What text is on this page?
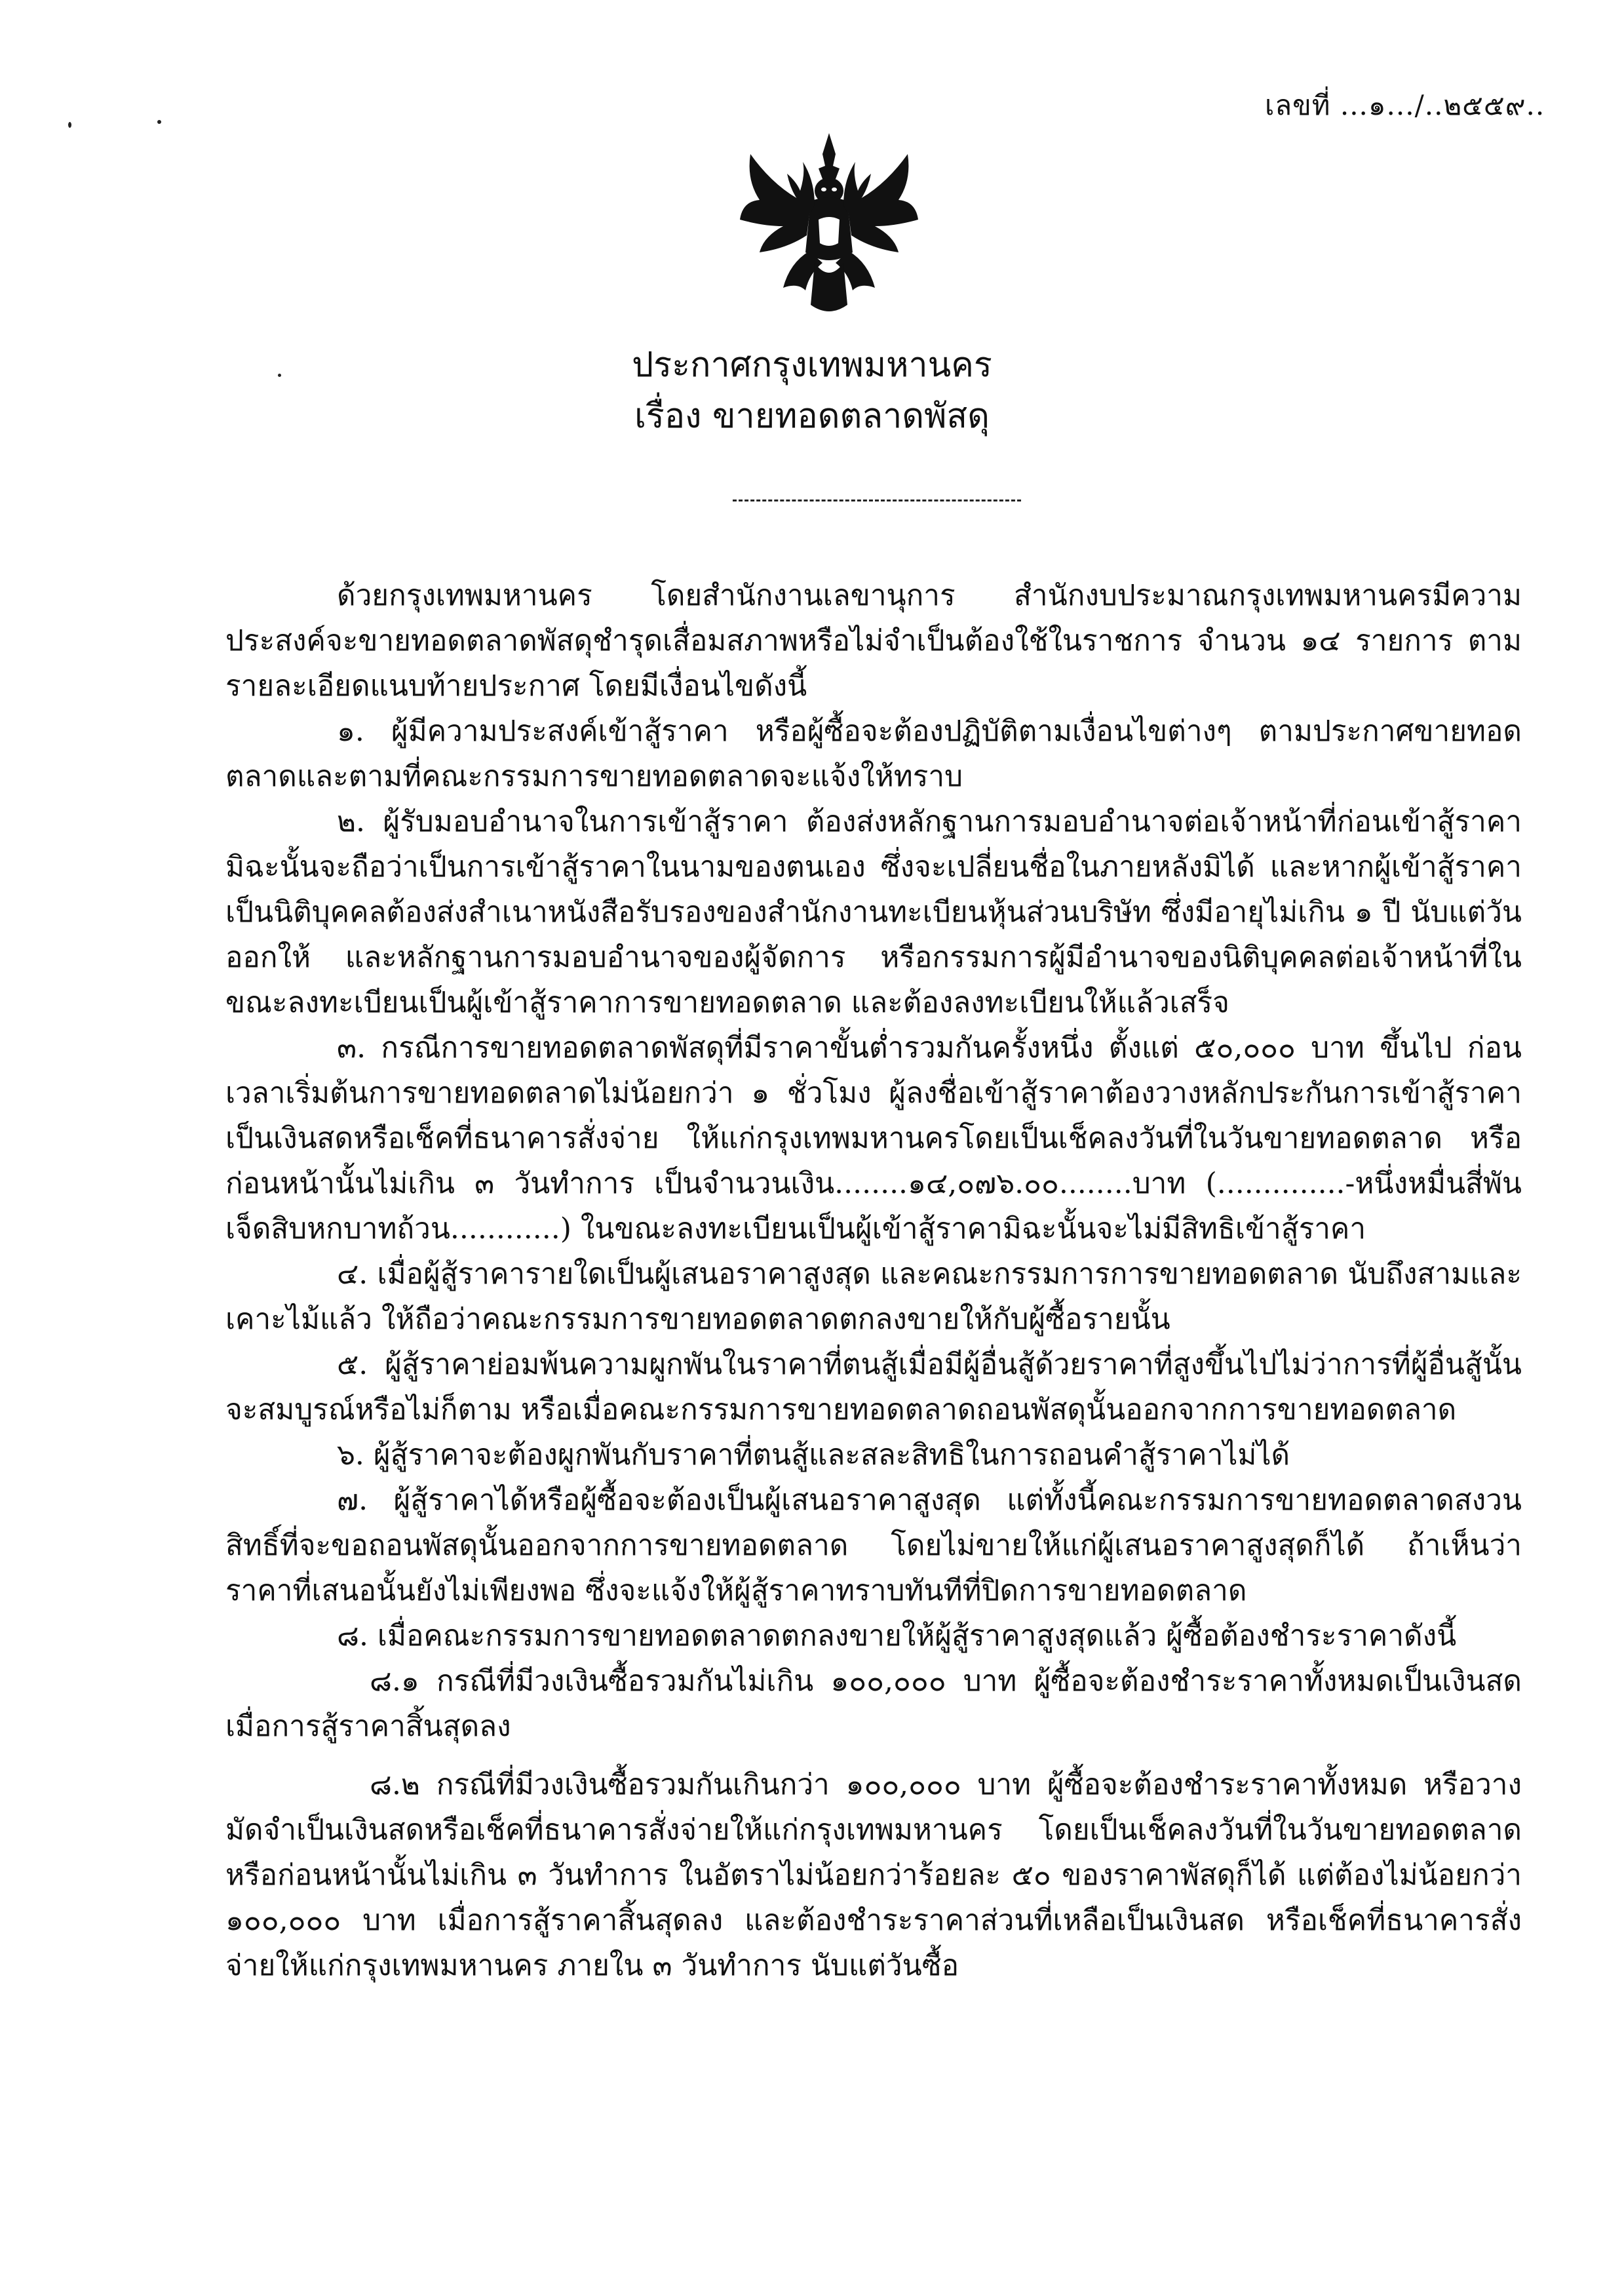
เลขที่ ...๑.../..๒๕๕๙..
ประกาศกรุงเทพมหานคร
เรื่อง ขายทอดตลาดพัสดุ

ด้วยกรุงเทพมหานคร โดยสำนักงานเลขานุการ สำนักงบประมาณกรุงเทพมหานครมีความประสงค์จะขายทอดตลาดพัสดุชำรุดเสื่อมสภาพหรือไม่จำเป็นต้องใช้ในราชการ จำนวน ๑๔ รายการ ตามรายละเอียดแนบท้ายประกาศ โดยมีเงื่อนไขดังนี้

๑. ผู้มีความประสงค์เข้าสู้ราคา หรือผู้ซื้อจะต้องปฏิบัติตามเงื่อนไขต่างๆ ตามประกาศขายทอดตลาดและตามที่คณะกรรมการขายทอดตลาดจะแจ้งให้ทราบ

๒. ผู้รับมอบอำนาจในการเข้าสู้ราคา ต้องส่งหลักฐานการมอบอำนาจต่อเจ้าหน้าที่ก่อนเข้าสู้ราคามิฉะนั้นจะถือว่าเป็นการเข้าสู้ราคาในนามของตนเอง ซึ่งจะเปลี่ยนชื่อในภายหลังมิได้ และหากผู้เข้าสู้ราคาเป็นนิติบุคคลต้องส่งสำเนาหนังสือรับรองของสำนักงานทะเบียนหุ้นส่วนบริษัท ซึ่งมีอายุไม่เกิน ๑ ปี นับแต่วันออกให้ และหลักฐานการมอบอำนาจของผู้จัดการ หรือกรรมการผู้มีอำนาจของนิติบุคคลต่อเจ้าหน้าที่ในขณะลงทะเบียนเป็นผู้เข้าสู้ราคาการขายทอดตลาด และต้องลงทะเบียนให้แล้วเสร็จ

๓. กรณีการขายทอดตลาดพัสดุที่มีราคาขั้นต่ำรวมกันครั้งหนึ่ง ตั้งแต่ ๕๐,๐๐๐ บาท ขึ้นไป ก่อนเวลาเริ่มต้นการขายทอดตลาดไม่น้อยกว่า ๑ ชั่วโมง ผู้ลงชื่อเข้าสู้ราคาต้องวางหลักประกันการเข้าสู้ราคาเป็นเงินสดหรือเช็คที่ธนาคารสั่งจ่าย ให้แก่กรุงเทพมหานครโดยเป็นเช็คลงวันที่ในวันขายทอดตลาด หรือก่อนหน้านั้นไม่เกิน ๓ วันทำการ เป็นจำนวนเงิน........๑๔,๐๗๖.๐๐........บาท (..............-หนึ่งหมื่นสี่พันเจ็ดสิบหกบาทถ้วน............) ในขณะลงทะเบียนเป็นผู้เข้าสู้ราคามิฉะนั้นจะไม่มีสิทธิเข้าสู้ราคา

๔. เมื่อผู้สู้ราคารายใดเป็นผู้เสนอราคาสูงสุด และคณะกรรมการการขายทอดตลาด นับถึงสามและเคาะไม้แล้ว ให้ถือว่าคณะกรรมการขายทอดตลาดตกลงขายให้กับผู้ซื้อรายนั้น

๕. ผู้สู้ราคาย่อมพ้นความผูกพันในราคาที่ตนสู้เมื่อมีผู้อื่นสู้ด้วยราคาที่สูงขึ้นไปไม่ว่าการที่ผู้อื่นสู้นั้นจะสมบูรณ์หรือไม่ก็ตาม หรือเมื่อคณะกรรมการขายทอดตลาดถอนพัสดุนั้นออกจากการขายทอดตลาด

๖. ผู้สู้ราคาจะต้องผูกพันกับราคาที่ตนสู้และสละสิทธิในการถอนคำสู้ราคาไม่ได้

๗. ผู้สู้ราคาได้หรือผู้ซื้อจะต้องเป็นผู้เสนอราคาสูงสุด แต่ทั้งนี้คณะกรรมการขายทอดตลาดสงวนสิทธิ์ที่จะขอถอนพัสดุนั้นออกจากการขายทอดตลาด โดยไม่ขายให้แก่ผู้เสนอราคาสูงสุดก็ได้ ถ้าเห็นว่าราคาที่เสนอนั้นยังไม่เพียงพอ ซึ่งจะแจ้งให้ผู้สู้ราคาทราบทันทีที่ปิดการขายทอดตลาด

๘. เมื่อคณะกรรมการขายทอดตลาดตกลงขายให้ผู้สู้ราคาสูงสุดแล้ว ผู้ซื้อต้องชำระราคาดังนี้

๘.๑ กรณีที่มีวงเงินซื้อรวมกันไม่เกิน ๑๐๐,๐๐๐ บาท ผู้ซื้อจะต้องชำระราคาทั้งหมดเป็นเงินสดเมื่อการสู้ราคาสิ้นสุดลง

๘.๒ กรณีที่มีวงเงินซื้อรวมกันเกินกว่า ๑๐๐,๐๐๐ บาท ผู้ซื้อจะต้องชำระราคาทั้งหมด หรือวางมัดจำเป็นเงินสดหรือเช็คที่ธนาคารสั่งจ่ายให้แก่กรุงเทพมหานคร โดยเป็นเช็คลงวันที่ในวันขายทอดตลาดหรือก่อนหน้านั้นไม่เกิน ๓ วันทำการ ในอัตราไม่น้อยกว่าร้อยละ ๕๐ ของราคาพัสดุก็ได้ แต่ต้องไม่น้อยกว่า ๑๐๐,๐๐๐ บาท เมื่อการสู้ราคาสิ้นสุดลง และต้องชำระราคาส่วนที่เหลือเป็นเงินสด หรือเช็คที่ธนาคารสั่งจ่ายให้แก่กรุงเทพมหานคร ภายใน ๓ วันทำการ นับแต่วันซื้อ
